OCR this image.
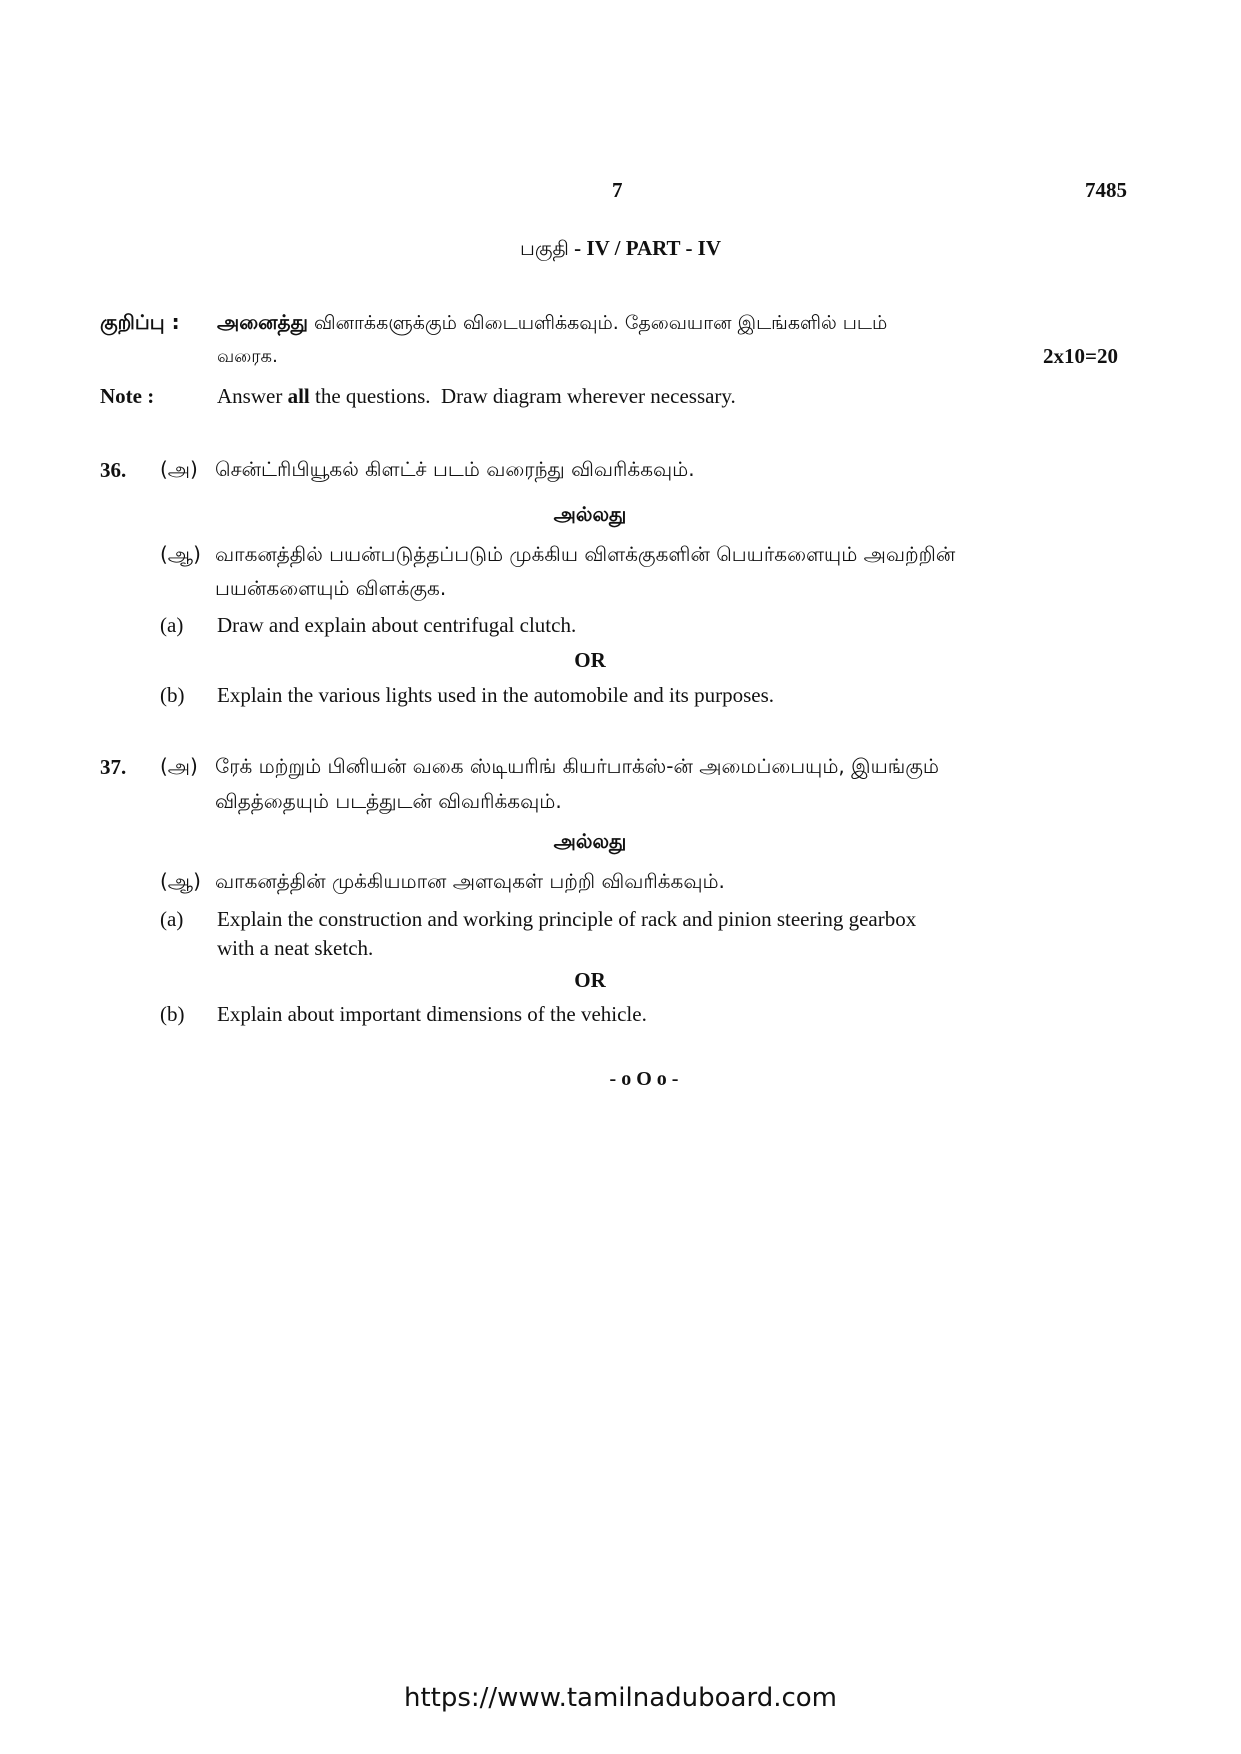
7	7485
பகுதி - IV / PART - IV
குறிப்பு : அனைத்து வினாக்களுக்கும் விடையளிக்கவும். தேவையான இடங்களில் படம்
வரைக.	2x10=20
Note :	Answer all the questions.  Draw diagram wherever necessary.
36. (அ) சென்ட்ரிபியூகல் கிளட்ச் படம் வரைந்து விவரிக்கவும்.
அல்லது
(ஆ) வாகனத்தில் பயன்படுத்தப்படும் முக்கிய விளக்குகளின் பெயர்களையும் அவற்றின்
பயன்களையும் விளக்குக.
(a) Draw and explain about centrifugal clutch.
OR
(b) Explain the various lights used in the automobile and its purposes.
37. (அ) ரேக் மற்றும் பினியன் வகை ஸ்டியரிங் கியர்பாக்ஸ்-ன் அமைப்பையும், இயங்கும்
விதத்தையும் படத்துடன் விவரிக்கவும்.
அல்லது
(ஆ) வாகனத்தின் முக்கியமான அளவுகள் பற்றி விவரிக்கவும்.
(a) Explain the construction and working principle of rack and pinion steering gearbox
with a neat sketch.
OR
(b) Explain about important dimensions of the vehicle.
- o O o -
https://www.tamilnaduboard.com
